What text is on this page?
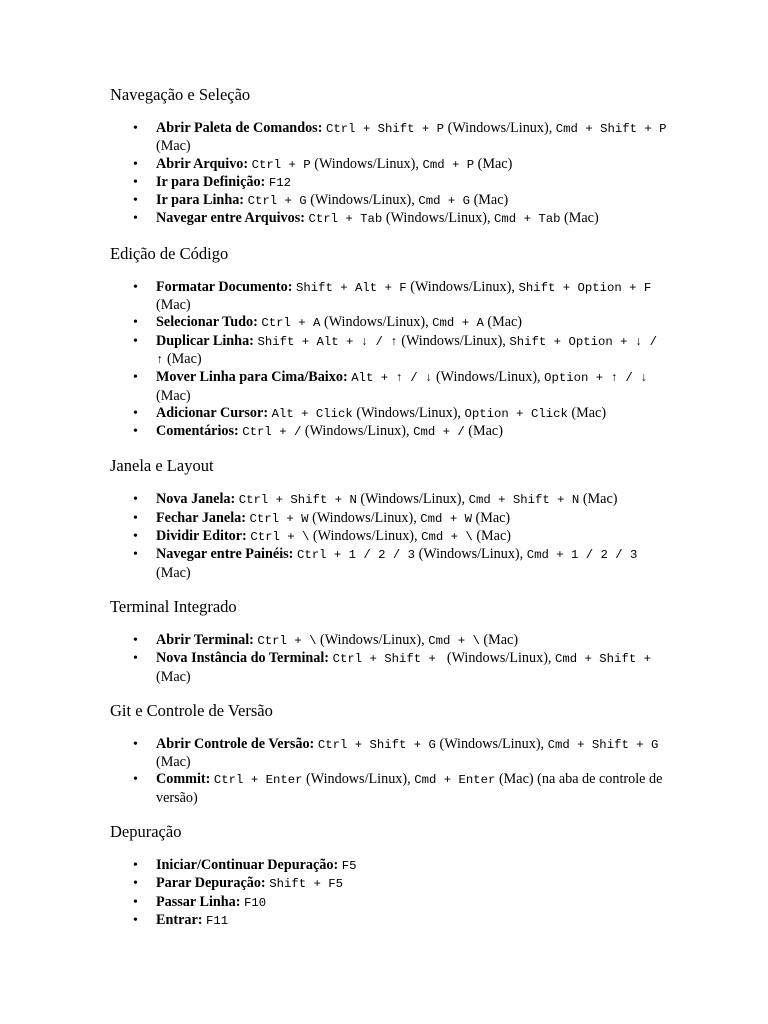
Navegação e Seleção
• Abrir Paleta de Comandos: Ctrl + Shift + P (Windows/Linux), Cmd + Shift + P (Mac)
• Abrir Arquivo: Ctrl + P (Windows/Linux), Cmd + P (Mac)
• Ir para Definição: F12
• Ir para Linha: Ctrl + G (Windows/Linux), Cmd + G (Mac)
• Navegar entre Arquivos: Ctrl + Tab (Windows/Linux), Cmd + Tab (Mac)
Edição de Código
• Formatar Documento: Shift + Alt + F (Windows/Linux), Shift + Option + F (Mac)
• Selecionar Tudo: Ctrl + A (Windows/Linux), Cmd + A (Mac)
• Duplicar Linha: Shift + Alt + ↓ / ↑ (Windows/Linux), Shift + Option + ↓ / ↑ (Mac)
• Mover Linha para Cima/Baixo: Alt + ↑ / ↓ (Windows/Linux), Option + ↑ / ↓ (Mac)
• Adicionar Cursor: Alt + Click (Windows/Linux), Option + Click (Mac)
• Comentários: Ctrl + / (Windows/Linux), Cmd + / (Mac)
Janela e Layout
• Nova Janela: Ctrl + Shift + N (Windows/Linux), Cmd + Shift + N (Mac)
• Fechar Janela: Ctrl + W (Windows/Linux), Cmd + W (Mac)
• Dividir Editor: Ctrl + \ (Windows/Linux), Cmd + \ (Mac)
• Navegar entre Painéis: Ctrl + 1 / 2 / 3 (Windows/Linux), Cmd + 1 / 2 / 3 (Mac)
Terminal Integrado
• Abrir Terminal: Ctrl + \ (Windows/Linux), Cmd + \ (Mac)
• Nova Instância do Terminal: Ctrl + Shift +  (Windows/Linux), Cmd + Shift +  (Mac)
Git e Controle de Versão
• Abrir Controle de Versão: Ctrl + Shift + G (Windows/Linux), Cmd + Shift + G (Mac)
• Commit: Ctrl + Enter (Windows/Linux), Cmd + Enter (Mac) (na aba de controle de versão)
Depuração
• Iniciar/Continuar Depuração: F5
• Parar Depuração: Shift + F5
• Passar Linha: F10
• Entrar: F11
